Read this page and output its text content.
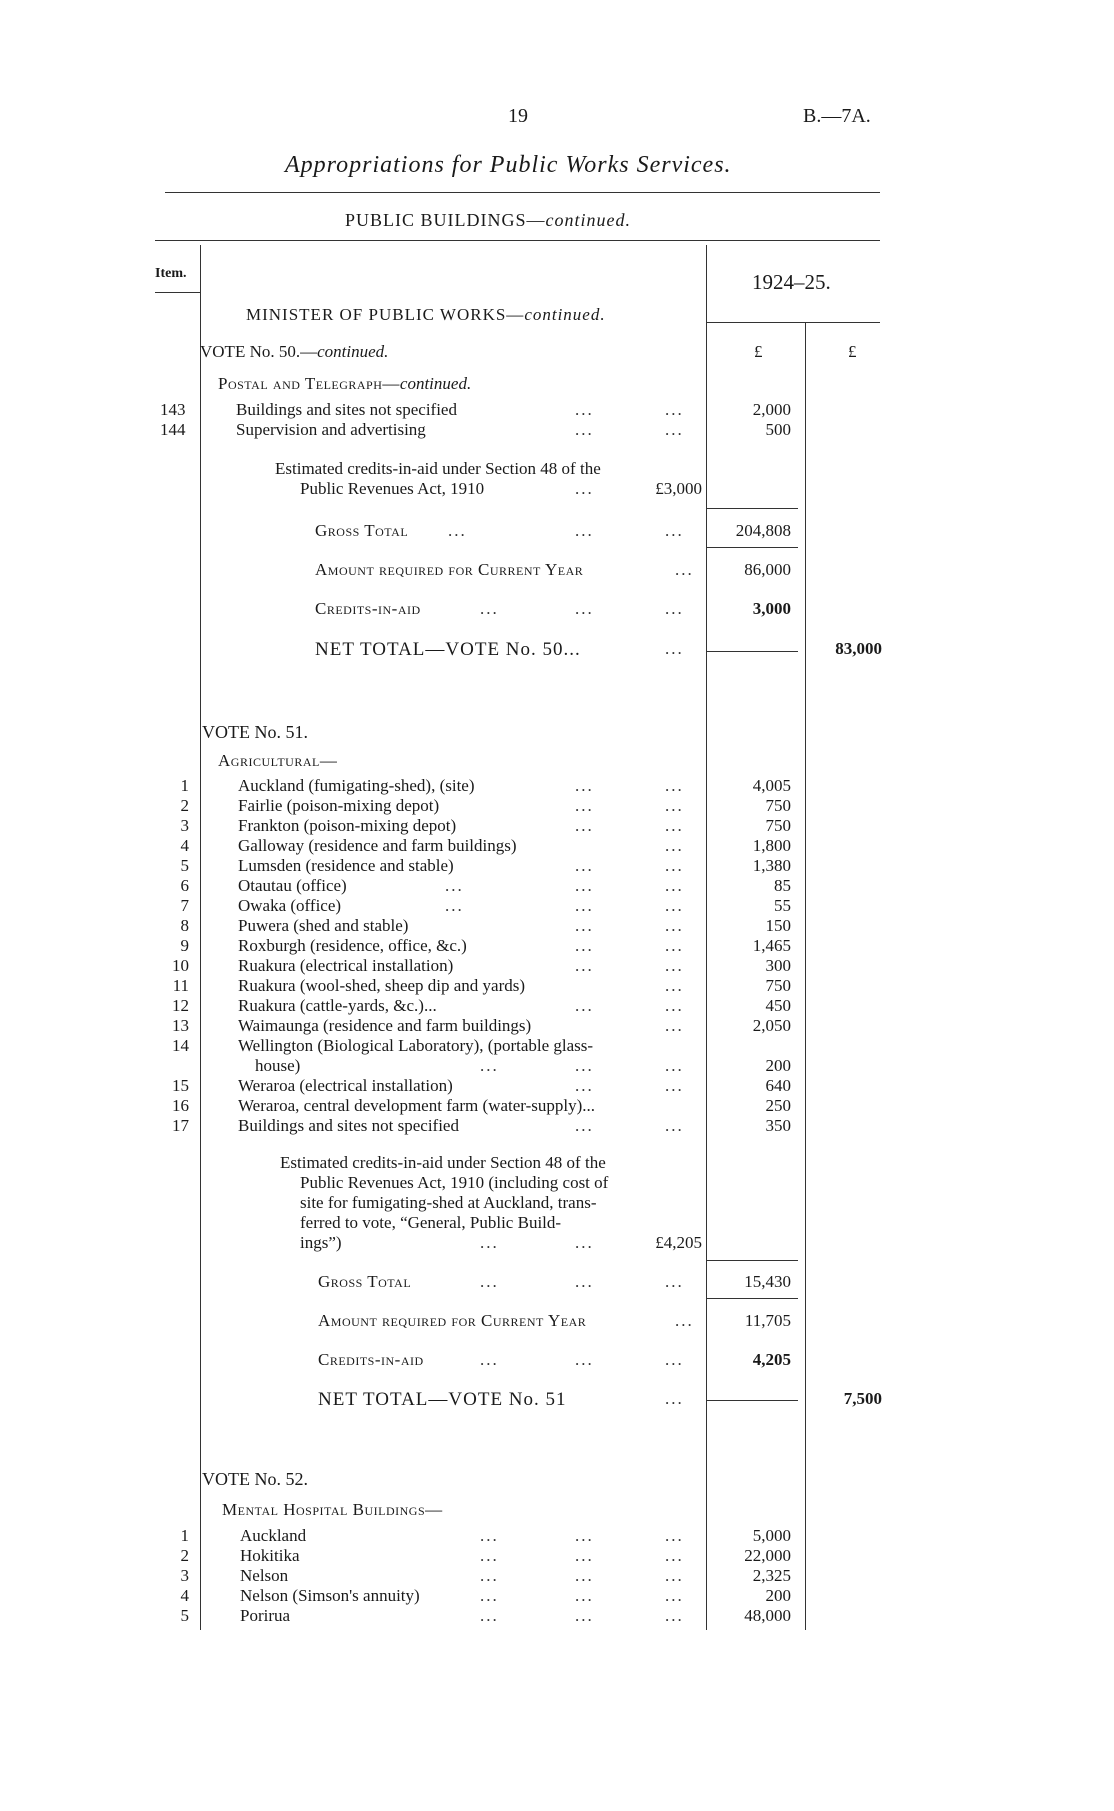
19	B.—7A.
Appropriations for Public Works Services.
PUBLIC BUILDINGS—continued.
Item.	1924–25.
£	£
MINISTER OF PUBLIC WORKS—continued.
VOTE No. 50.—continued.
Postal and Telegraph—continued.
143	Buildings and sites not specified	...	...	2,000
144	Supervision and advertising	...	...	500
Estimated credits-in-aid under Section 48 of the
Public Revenues Act, 1910	...	£3,000
Gross Total ...	...	...	204,808
Amount required for Current Year	...	86,000
Credits-in-aid	...	...	...	3,000
NET TOTAL—VOTE No. 50...	...	83,000
VOTE No. 51.
Agricultural—
1	Auckland (fumigating-shed), (site)	...	...	4,005
2	Fairlie (poison-mixing depot)	...	...	750
3	Frankton (poison-mixing depot)	...	...	750
4	Galloway (residence and farm buildings)	...	1,800
5	Lumsden (residence and stable)	...	...	1,380
6	Otautau (office)	...	...	...	85
7	Owaka (office)	...	...	...	55
8	Puwera (shed and stable)	...	...	150
9	Roxburgh (residence, office, &c.)	...	...	1,465
10	Ruakura (electrical installation)	...	...	300
11	Ruakura (wool-shed, sheep dip and yards)	...	750
12	Ruakura (cattle-yards, &c.)...	...	...	450
13	Waimaunga (residence and farm buildings)	...	2,050
14	Wellington (Biological Laboratory), (portable glass-
house)	...	...	...	200
15	Weraroa (electrical installation)	...	...	640
16	Weraroa, central development farm (water-supply)...	250
17	Buildings and sites not specified	...	...	350
Estimated credits-in-aid under Section 48 of the
Public Revenues Act, 1910 (including cost of
site for fumigating-shed at Auckland, trans-
ferred to vote, “General, Public Build-
ings”)	...	...	£4,205
Gross Total	...	...	...	15,430
Amount required for Current Year	...	11,705
Credits-in-aid	...	...	...	4,205
NET TOTAL—VOTE No. 51	...	7,500
VOTE No. 52.
Mental Hospital Buildings—
1	Auckland	...	...	...	5,000
2	Hokitika	...	...	...	22,000
3	Nelson	...	...	...	2,325
4	Nelson (Simson's annuity)	...	...	...	200
5	Porirua	...	...	...	48,000
